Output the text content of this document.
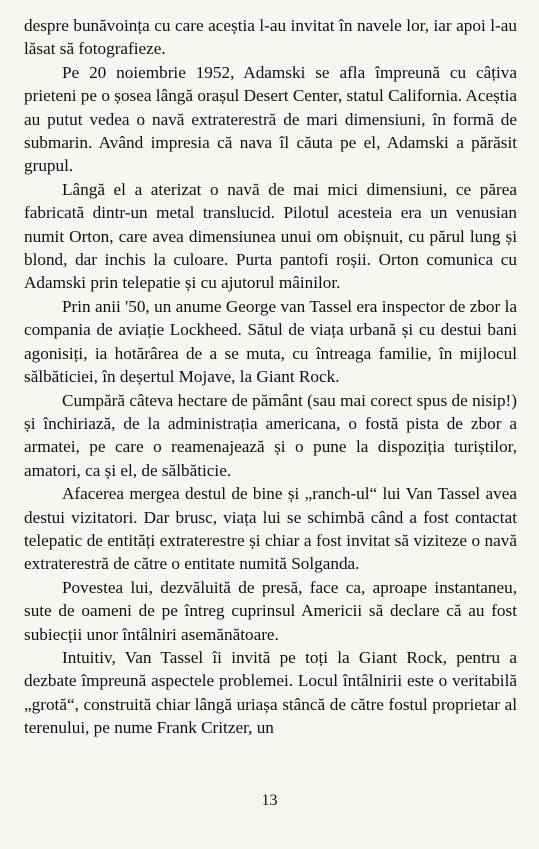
despre bunăvoința cu care aceștia l-au invitat în navele lor, iar apoi l-au lăsat să fotografieze.

Pe 20 noiembrie 1952, Adamski se afla împreună cu câțiva prieteni pe o șosea lângă orașul Desert Center, statul California. Aceștia au putut vedea o navă extraterestră de mari dimensiuni, în formă de submarin. Având impresia că nava îl căuta pe el, Adamski a părăsit grupul.

Lângă el a aterizat o navă de mai mici dimensiuni, ce părea fabricată dintr-un metal translucid. Pilotul acesteia era un venusian numit Orton, care avea dimensiunea unui om obișnuit, cu părul lung și blond, dar inchis la culoare. Purta pantofi roșii. Orton comunica cu Adamski prin telepatie și cu ajutorul mâinilor.

Prin anii '50, un anume George van Tassel era inspector de zbor la compania de aviație Lockheed. Sătul de viața urbană și cu destui bani agonisiți, ia hotărârea de a se muta, cu întreaga familie, în mijlocul sălbăticiei, în deșertul Mojave, la Giant Rock.

Cumpără câteva hectare de pământ (sau mai corect spus de nisip!) și închiriază, de la administrația americana, o fostă pista de zbor a armatei, pe care o reamenajează și o pune la dispoziția turiștilor, amatori, ca și el, de sălbăticie.

Afacerea mergea destul de bine și „ranch-ul“ lui Van Tassel avea destui vizitatori. Dar brusc, viața lui se schimbă când a fost contactat telepatic de entități extraterestre și chiar a fost invitat să viziteze o navă extraterestră de către o entitate numită Solganda.

Povestea lui, dezvăluită de presă, face ca, aproape instantaneu, sute de oameni de pe întreg cuprinsul Americii să declare că au fost subiecții unor întâlniri asemănătoare.

Intuitiv, Van Tassel îi invită pe toți la Giant Rock, pentru a dezbate împreună aspectele problemei. Locul întâlnirii este o veritabilă „grotă“, construită chiar lângă uriașa stâncă de către fostul proprietar al terenului, pe nume Frank Critzer, un

13
